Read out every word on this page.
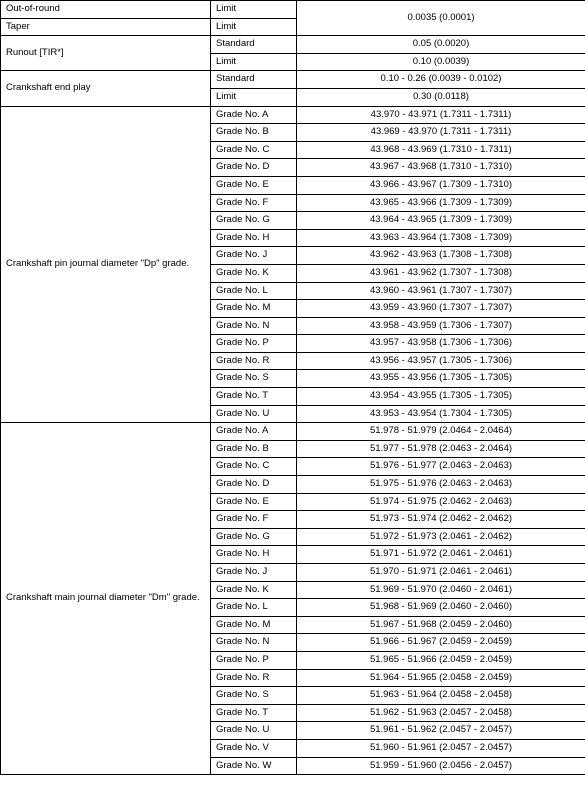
Out-of-round	Limit	0.0035 (0.0001)
Taper	Limit	
Runout [TIR*]	Standard	0.05 (0.0020)
	Limit	0.10 (0.0039)
Crankshaft end play	Standard	0.10 - 0.26 (0.0039 - 0.0102)
	Limit	0.30 (0.0118)
Crankshaft pin journal diameter "Dp" grade.	Grade No. A	43.970 - 43.971 (1.7311 - 1.7311)
	Grade No. B	43.969 - 43.970 (1.7311 - 1.7311)
	Grade No. C	43.968 - 43.969 (1.7310 - 1.7311)
	Grade No. D	43.967 - 43.968 (1.7310 - 1.7310)
	Grade No. E	43.966 - 43.967 (1.7309 - 1.7310)
	Grade No. F	43.965 - 43.966 (1.7309 - 1.7309)
	Grade No. G	43.964 - 43.965 (1.7309 - 1.7309)
	Grade No. H	43.963 - 43.964 (1.7308 - 1.7309)
	Grade No. J	43.962 - 43.963 (1.7308 - 1.7308)
	Grade No. K	43.961 - 43.962 (1.7307 - 1.7308)
	Grade No. L	43.960 - 43.961 (1.7307 - 1.7307)
	Grade No. M	43.959 - 43.960 (1.7307 - 1.7307)
	Grade No. N	43.958 - 43.959 (1.7306 - 1.7307)
	Grade No. P	43.957 - 43.958 (1.7306 - 1.7306)
	Grade No. R	43.956 - 43.957 (1.7305 - 1.7306)
	Grade No. S	43.955 - 43.956 (1.7305 - 1.7305)
	Grade No. T	43.954 - 43.955 (1.7305 - 1.7305)
	Grade No. U	43.953 - 43.954 (1.7304 - 1.7305)
Crankshaft main journal diameter "Dm" grade.	Grade No. A	51.978 - 51.979 (2.0464 - 2.0464)
	Grade No. B	51.977 - 51.978 (2.0463 - 2.0464)
	Grade No. C	51.976 - 51.977 (2.0463 - 2.0463)
	Grade No. D	51.975 - 51.976 (2.0463 - 2.0463)
	Grade No. E	51.974 - 51.975 (2.0462 - 2.0463)
	Grade No. F	51.973 - 51.974 (2.0462 - 2.0462)
	Grade No. G	51.972 - 51.973 (2.0461 - 2.0462)
	Grade No. H	51.971 - 51.972 (2.0461 - 2.0461)
	Grade No. J	51.970 - 51.971 (2.0461 - 2.0461)
	Grade No. K	51.969 - 51.970 (2.0460 - 2.0461)
	Grade No. L	51.968 - 51.969 (2.0460 - 2.0460)
	Grade No. M	51.967 - 51.968 (2.0459 - 2.0460)
	Grade No. N	51.966 - 51.967 (2.0459 - 2.0459)
	Grade No. P	51.965 - 51.966 (2.0459 - 2.0459)
	Grade No. R	51.964 - 51.965 (2.0458 - 2.0459)
	Grade No. S	51.963 - 51.964 (2.0458 - 2.0458)
	Grade No. T	51.962 - 51.963 (2.0457 - 2.0458)
	Grade No. U	51.961 - 51.962 (2.0457 - 2.0457)
	Grade No. V	51.960 - 51.961 (2.0457 - 2.0457)
	Grade No. W	51.959 - 51.960 (2.0456 - 2.0457)
